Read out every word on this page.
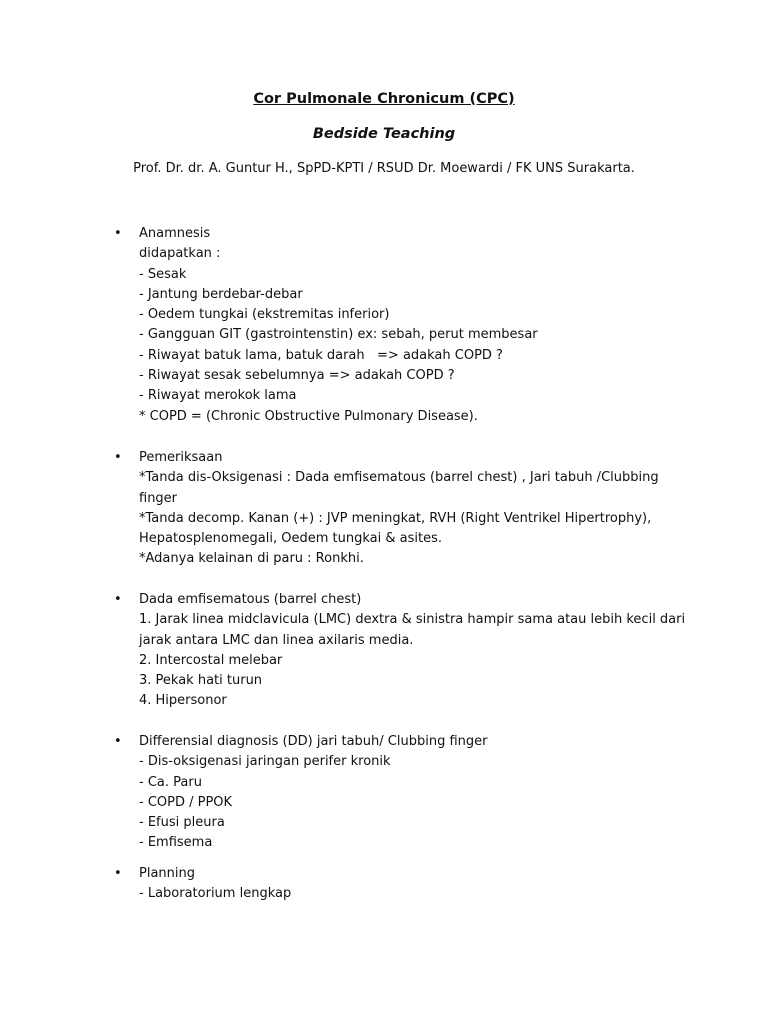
Cor Pulmonale Chronicum (CPC)
Bedside Teaching
Prof. Dr. dr. A. Guntur H., SpPD-KPTI / RSUD Dr. Moewardi / FK UNS Surakarta.
• Anamnesis
didapatkan :
- Sesak
- Jantung berdebar-debar
- Oedem tungkai (ekstremitas inferior)
- Gangguan GIT (gastrointenstin) ex: sebah, perut membesar
- Riwayat batuk lama, batuk darah   => adakah COPD ?
- Riwayat sesak sebelumnya => adakah COPD ?
- Riwayat merokok lama
* COPD = (Chronic Obstructive Pulmonary Disease).
• Pemeriksaan
*Tanda dis-Oksigenasi : Dada emfisematous (barrel chest) , Jari tabuh /Clubbing
finger
*Tanda decomp. Kanan (+) : JVP meningkat, RVH (Right Ventrikel Hipertrophy),
Hepatosplenomegali, Oedem tungkai & asites.
*Adanya kelainan di paru : Ronkhi.
• Dada emfisematous (barrel chest)
1. Jarak linea midclavicula (LMC) dextra & sinistra hampir sama atau lebih kecil dari
jarak antara LMC dan linea axilaris media.
2. Intercostal melebar
3. Pekak hati turun
4. Hipersonor
• Differensial diagnosis (DD) jari tabuh/ Clubbing finger
- Dis-oksigenasi jaringan perifer kronik
- Ca. Paru
- COPD / PPOK
- Efusi pleura
- Emfisema
• Planning
- Laboratorium lengkap
